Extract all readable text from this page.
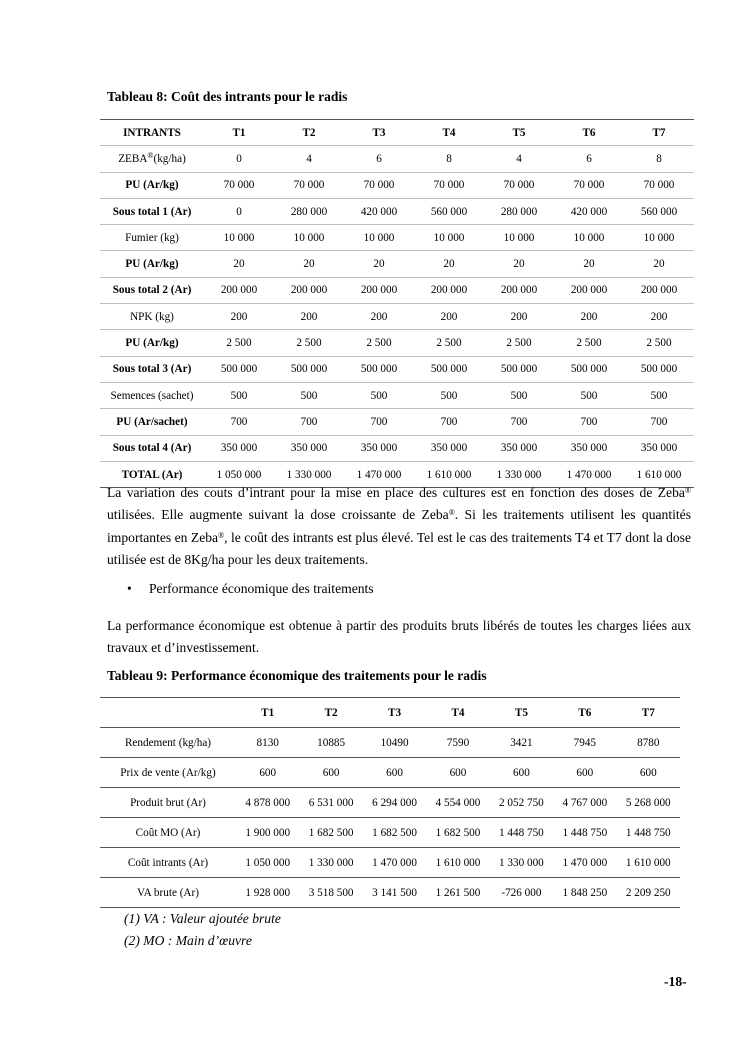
Tableau 8: Coût des intrants pour le radis
INTRANTS	T1	T2	T3	T4	T5	T6	T7
ZEBA®(kg/ha)	0	4	6	8	4	6	8
PU (Ar/kg)	70 000	70 000	70 000	70 000	70 000	70 000	70 000
Sous total 1 (Ar)	0	280 000	420 000	560 000	280 000	420 000	560 000
Fumier (kg)	10 000	10 000	10 000	10 000	10 000	10 000	10 000
PU (Ar/kg)	20	20	20	20	20	20	20
Sous total 2 (Ar)	200 000	200 000	200 000	200 000	200 000	200 000	200 000
NPK (kg)	200	200	200	200	200	200	200
PU (Ar/kg)	2 500	2 500	2 500	2 500	2 500	2 500	2 500
Sous total 3 (Ar)	500 000	500 000	500 000	500 000	500 000	500 000	500 000
Semences (sachet)	500	500	500	500	500	500	500
PU (Ar/sachet)	700	700	700	700	700	700	700
Sous total 4 (Ar)	350 000	350 000	350 000	350 000	350 000	350 000	350 000
TOTAL (Ar)	1 050 000	1 330 000	1 470 000	1 610 000	1 330 000	1 470 000	1 610 000
La variation des couts d’intrant pour la mise en place des cultures est en fonction des doses de Zeba® utilisées. Elle augmente suivant la dose croissante de Zeba®. Si les traitements utilisent les quantités importantes en Zeba®, le coût des intrants est plus élevé. Tel est le cas des traitements T4 et T7 dont la dose utilisée est de 8Kg/ha pour les deux traitements.
• Performance économique des traitements
La performance économique est obtenue à partir des produits bruts libérés de toutes les charges liées aux travaux et d’investissement.
Tableau 9: Performance économique des traitements pour le radis
	T1	T2	T3	T4	T5	T6	T7
Rendement (kg/ha)	8130	10885	10490	7590	3421	7945	8780
Prix de vente (Ar/kg)	600	600	600	600	600	600	600
Produit brut (Ar)	4 878 000	6 531 000	6 294 000	4 554 000	2 052 750	4 767 000	5 268 000
Coût MO (Ar)	1 900 000	1 682 500	1 682 500	1 682 500	1 448 750	1 448 750	1 448 750
Coût intrants (Ar)	1 050 000	1 330 000	1 470 000	1 610 000	1 330 000	1 470 000	1 610 000
VA brute (Ar)	1 928 000	3 518 500	3 141 500	1 261 500	-726 000	1 848 250	2 209 250
(1) VA : Valeur ajoutée brute
(2) MO : Main d’œuvre
-18-
